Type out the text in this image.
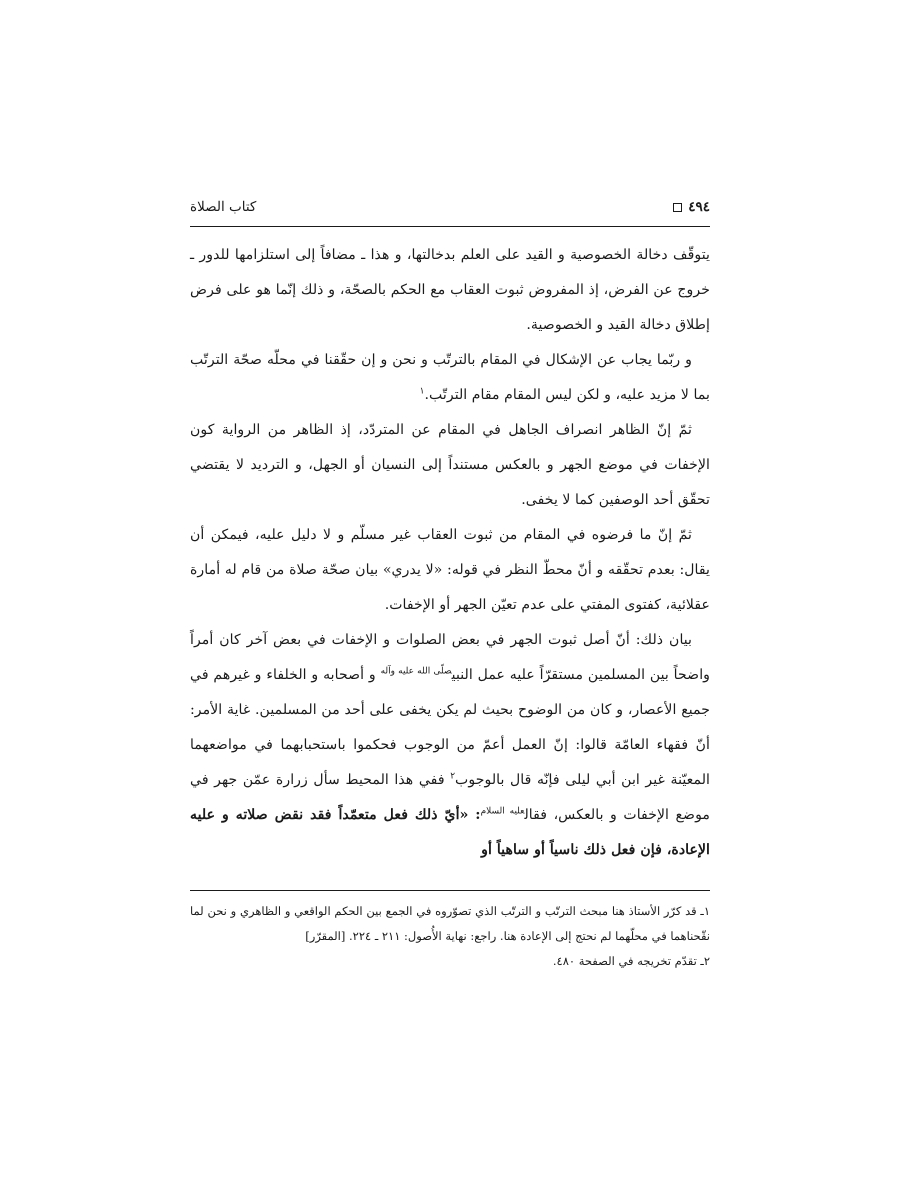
٤٩٤
كتاب الصلاة

يتوقّف دخالة الخصوصية و القيد على العلم بدخالتها، و هذا ـ مضافاً إلى استلزامها للدور ـ خروج عن الفرض، إذ المفروض ثبوت العقاب مع الحكم بالصحّة، و ذلك إنّما هو على فرض إطلاق دخالة القيد و الخصوصية.

و ربّما يجاب عن الإشكال في المقام بالترتّب و نحن و إن حقّقنا في محلّه صحّة الترتّب بما لا مزيد عليه، و لكن ليس المقام مقام الترتّب.$^١$

ثمّ إنّ الظاهر انصراف الجاهل في المقام عن المتردّد، إذ الظاهر من الرواية كون الإخفات في موضع الجهر و بالعكس مستنداً إلى النسيان أو الجهل، و الترديد لا يقتضي تحقّق أحد الوصفين كما لا يخفى.

ثمّ إنّ ما فرضوه في المقام من ثبوت العقاب غير مسلّم و لا دليل عليه، فيمكن أن يقال: بعدم تحقّقه و أنّ محطّ النظر في قوله: «لا يدري» بيان صحّة صلاة من قام له أمارة عقلائية، كفتوى المفتي على عدم تعيّن الجهر أو الإخفات.

بيان ذلك: أنّ أصل ثبوت الجهر في بعض الصلوات و الإخفات في بعض آخر كان أمراً واضحاً بين المسلمين مستقرّاً عليه عمل النبي$^{صلّى الله عليه وآله}$ و أصحابه و الخلفاء و غيرهم في جميع الأعصار، و كان من الوضوح بحيث لم يكن يخفى على أحد من المسلمين. غاية الأمر: أنّ فقهاء العامّة قالوا: إنّ العمل أعمّ من الوجوب فحكموا باستحبابهما في مواضعهما المعيّنة غير ابن أبي ليلى فإنّه قال بالوجوب$^٢$ ففي هذا المحيط سأل زرارة عمّن جهر في موضع الإخفات و بالعكس، فقال$^{عليه السلام}$: «أيّ ذلك فعل متعمّداً فقد نقض صلاته و عليه الإعادة، فإن فعل ذلك ناسياً أو ساهياً أو

١ـ قد كرّر الأستاذ هنا مبحث الترتّب و الترتّب الذي تصوّروه في الجمع بين الحكم الواقعي و الظاهري و نحن لما نقّحناهما في محلّهما لم نحتج إلى الإعادة هنا. راجع: نهاية الأُصول: ٢١١ ـ ٢٢٤. [المقرّر]

٢ـ تقدّم تخريجه في الصفحة ٤٨٠.
